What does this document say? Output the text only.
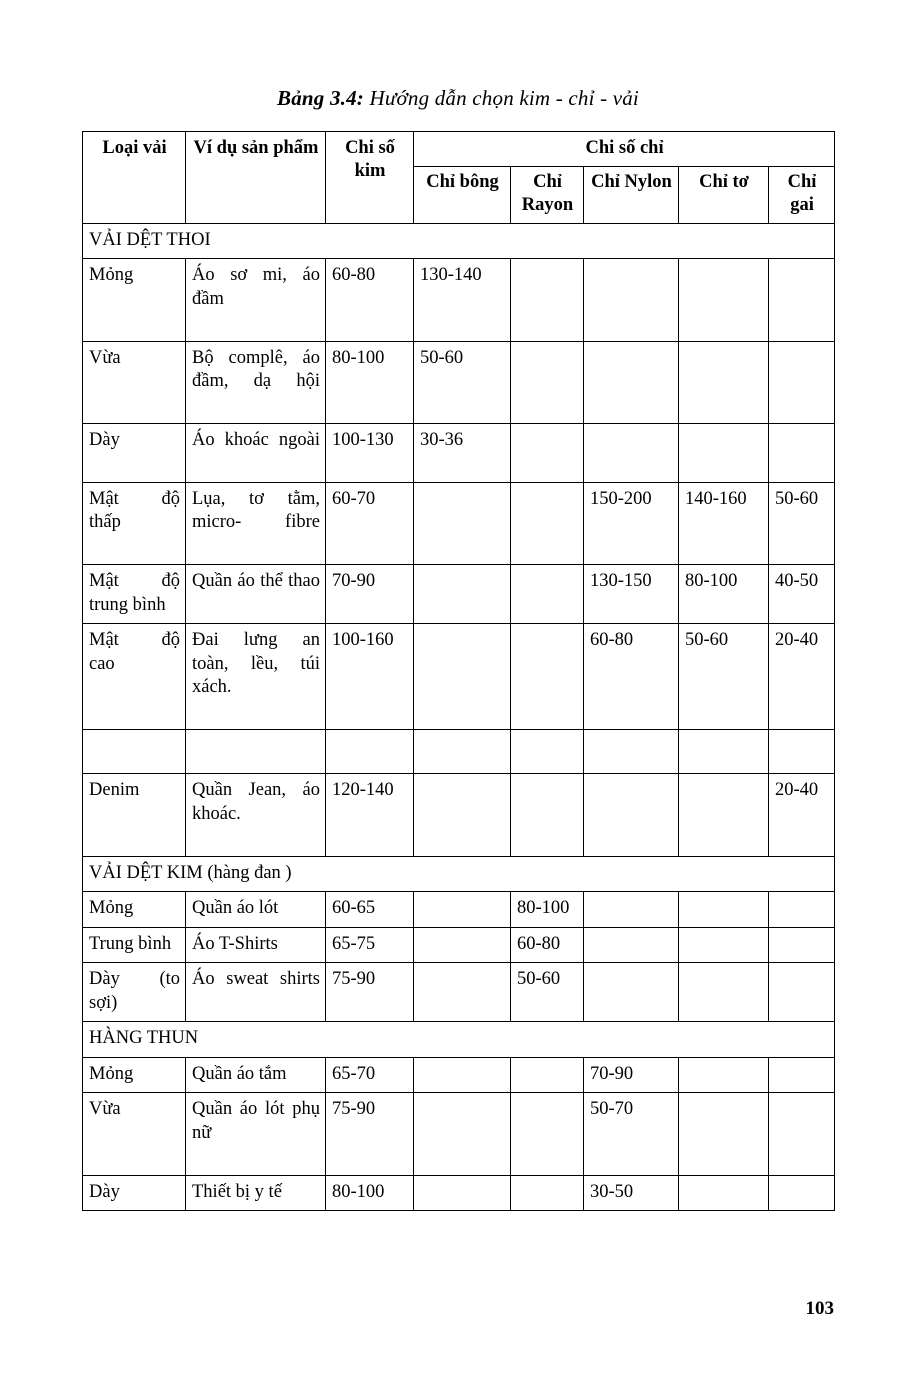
Bảng 3.4: Hướng dẫn chọn kim - chỉ - vải
Loại vải	Ví dụ sản phẩm	Chi số kim	Chi số chỉ				
			Chỉ bông	Chỉ Rayon	Chỉ Nylon	Chỉ tơ	Chỉ gai
VẢI DỆT THOI							
Mỏng	Áo sơ mi, áo đầm	60-80	130-140				
Vừa	Bộ complê, áo đầm, dạ hội	80-100	50-60				
Dày	Áo khoác ngoài	100-130	30-36				

Mật độ
thấp	Lụa, tơ tằm, micro- fibre	60-70			150-200	140-160	50-60

Mật độ
trung bình	Quần áo thể thao	70-90			130-150	80-100	40-50

Mật độ
cao	Đai lưng an toàn, lều, túi xách.	100-160			60-80	50-60	20-40

Denim	Quần Jean, áo khoác.	120-140					20-40
VẢI DỆT KIM (hàng đan )							
Mỏng	Quần áo lót	60-65		80-100			
Trung bình	Áo T-Shirts	65-75		60-80			

Dày (to
sợi)	Áo sweat shirts	75-90		50-60			
HÀNG THUN							
Mỏng	Quần áo tắm	65-70			70-90		
Vừa	Quần áo lót phụ nữ	75-90			50-70		
Dày	Thiết bị y tế	80-100			30-50		
103
